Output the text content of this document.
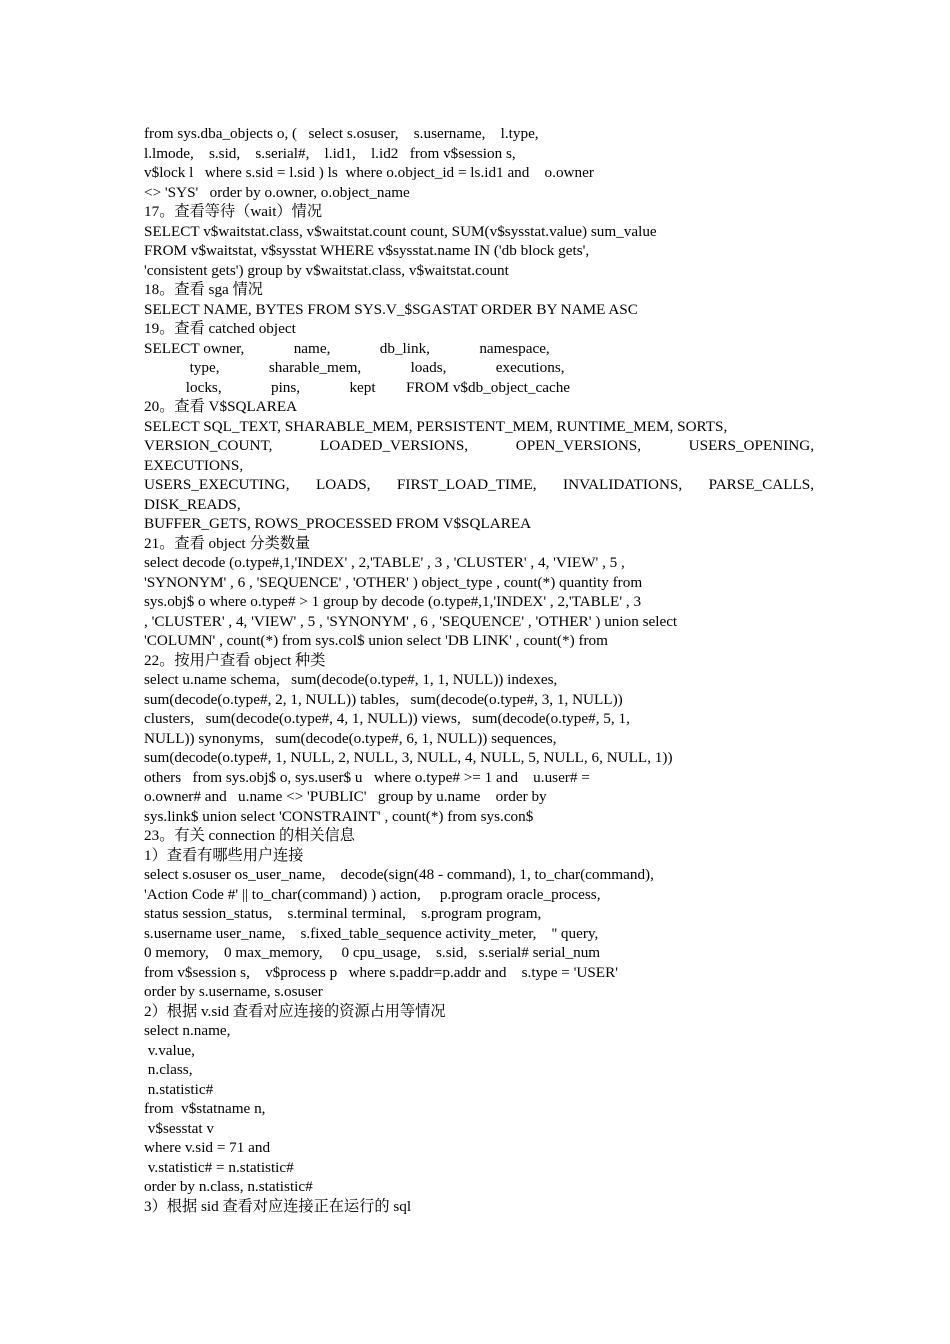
from sys.dba_objects o, (   select s.osuser,    s.username,    l.type,
l.lmode,    s.sid,    s.serial#,    l.id1,    l.id2   from v$session s,
v$lock l   where s.sid = l.sid ) ls  where o.object_id = ls.id1 and    o.owner
<> 'SYS'   order by o.owner, o.object_name
17。查看等待（wait）情况
SELECT v$waitstat.class, v$waitstat.count count, SUM(v$sysstat.value) sum_value
FROM v$waitstat, v$sysstat WHERE v$sysstat.name IN ('db block gets',
'consistent gets') group by v$waitstat.class, v$waitstat.count
18。查看 sga 情况
SELECT NAME, BYTES FROM SYS.V_$SGASTAT ORDER BY NAME ASC
19。查看 catched object
SELECT owner,             name,             db_link,             namespace,
type,             sharable_mem,             loads,             executions,
locks,             pins,             kept        FROM v$db_object_cache
20。查看 V$SQLAREA
SELECT SQL_TEXT, SHARABLE_MEM, PERSISTENT_MEM, RUNTIME_MEM, SORTS,
VERSION_COUNT, LOADED_VERSIONS, OPEN_VERSIONS, USERS_OPENING,
EXECUTIONS,
USERS_EXECUTING, LOADS, FIRST_LOAD_TIME, INVALIDATIONS, PARSE_CALLS,
DISK_READS,
BUFFER_GETS, ROWS_PROCESSED FROM V$SQLAREA
21。查看 object 分类数量
select decode (o.type#,1,'INDEX' , 2,'TABLE' , 3 , 'CLUSTER' , 4, 'VIEW' , 5 ,
'SYNONYM' , 6 , 'SEQUENCE' , 'OTHER' ) object_type , count(*) quantity from
sys.obj$ o where o.type# > 1 group by decode (o.type#,1,'INDEX' , 2,'TABLE' , 3
, 'CLUSTER' , 4, 'VIEW' , 5 , 'SYNONYM' , 6 , 'SEQUENCE' , 'OTHER' ) union select
'COLUMN' , count(*) from sys.col$ union select 'DB LINK' , count(*) from
22。按用户查看 object 种类
select u.name schema,   sum(decode(o.type#, 1, 1, NULL)) indexes,
sum(decode(o.type#, 2, 1, NULL)) tables,   sum(decode(o.type#, 3, 1, NULL))
clusters,   sum(decode(o.type#, 4, 1, NULL)) views,   sum(decode(o.type#, 5, 1,
NULL)) synonyms,   sum(decode(o.type#, 6, 1, NULL)) sequences,
sum(decode(o.type#, 1, NULL, 2, NULL, 3, NULL, 4, NULL, 5, NULL, 6, NULL, 1))
others   from sys.obj$ o, sys.user$ u   where o.type# >= 1 and    u.user# =
o.owner# and   u.name <> 'PUBLIC'   group by u.name    order by
sys.link$ union select 'CONSTRAINT' , count(*) from sys.con$
23。有关 connection 的相关信息
1）查看有哪些用户连接
select s.osuser os_user_name,    decode(sign(48 - command), 1, to_char(command),
'Action Code #' || to_char(command) ) action,     p.program oracle_process,
status session_status,    s.terminal terminal,    s.program program,
s.username user_name,    s.fixed_table_sequence activity_meter,    '' query,
0 memory,    0 max_memory,     0 cpu_usage,    s.sid,   s.serial# serial_num
from v$session s,    v$process p   where s.paddr=p.addr and    s.type = 'USER'
order by s.username, s.osuser
2）根据 v.sid 查看对应连接的资源占用等情况
select n.name,
v.value,
n.class,
n.statistic#
from  v$statname n,
v$sesstat v
where v.sid = 71 and
v.statistic# = n.statistic#
order by n.class, n.statistic#
3）根据 sid 查看对应连接正在运行的 sql
